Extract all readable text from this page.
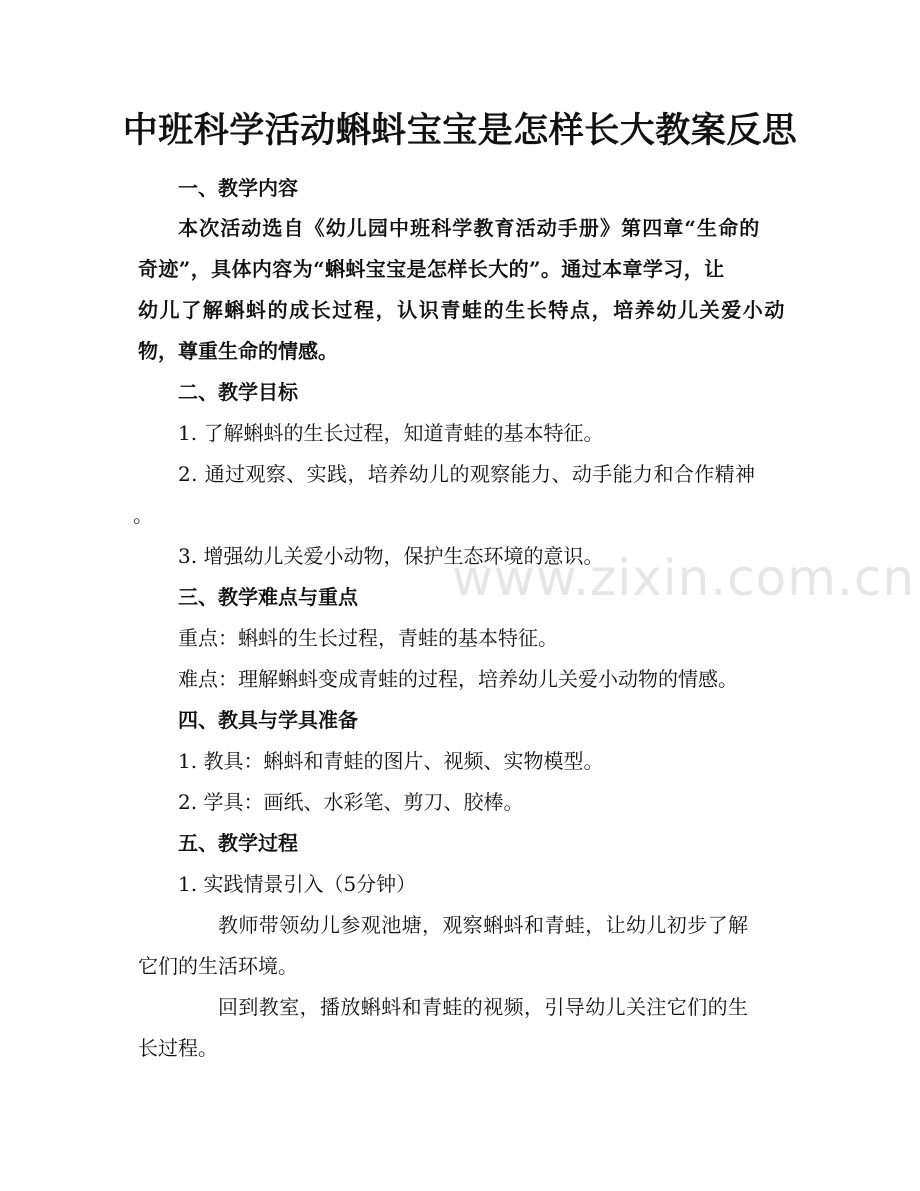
www.zixin.com.cn
中班科学活动蝌蚪宝宝是怎样长大教案反思
一、教学内容
本次活动选自《幼儿园中班科学教育活动手册》第四章“生命的
奇迹”，具体内容为“蝌蚪宝宝是怎样长大的”。通过本章学习，让
幼儿了解蝌蚪的成长过程，认识青蛙的生长特点，培养幼儿关爱小动
物，尊重生命的情感。
二、教学目标
1. 了解蝌蚪的生长过程，知道青蛙的基本特征。
2. 通过观察、实践，培养幼儿的观察能力、动手能力和合作精神
。
3. 增强幼儿关爱小动物，保护生态环境的意识。
三、教学难点与重点
重点：蝌蚪的生长过程，青蛙的基本特征。
难点：理解蝌蚪变成青蛙的过程，培养幼儿关爱小动物的情感。
四、教具与学具准备
1. 教具：蝌蚪和青蛙的图片、视频、实物模型。
2. 学具：画纸、水彩笔、剪刀、胶棒。
五、教学过程
1. 实践情景引入（5分钟）
教师带领幼儿参观池塘，观察蝌蚪和青蛙，让幼儿初步了解
它们的生活环境。
回到教室，播放蝌蚪和青蛙的视频，引导幼儿关注它们的生
长过程。
